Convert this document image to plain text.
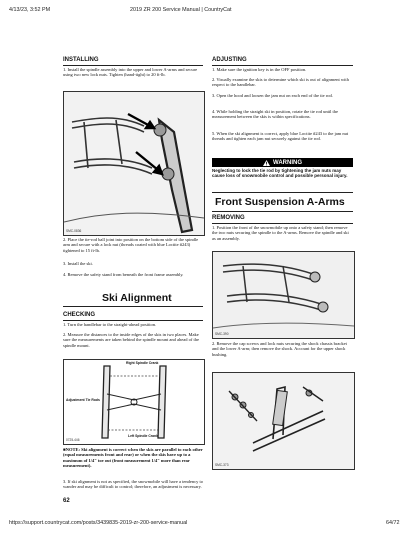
4/13/23, 3:52 PM	2019 ZR 200 Service Manual | CountryCat
https://support.countrycat.com/posts/3439835-2019-zr-200-service-manual	64/72
INSTALLING
1. Install the spindle assembly into the upper and lower A-arms and secure using two new lock nuts. Tighten (hand-tight) to 20 ft-lb.
SMC-0836
2. Place the tie-rod ball joint into position on the bottom side of the spindle arm and secure with a lock nut (threads coated with blue Loctite #243) tightened to 15 ft-lb.
3. Install the ski.
4. Remove the safety stand from beneath the front frame assembly.
Ski Alignment
CHECKING
1. Turn the handlebar to the straight-ahead position.
2. Measure the distances to the inside edges of the skis in two places. Make sure the measurements are taken behind the spindle mount and ahead of the spindle mount.
Right Spindle Crank
Adjustment Tie Rods
Left Spindle Crank
0725-446
■NOTE: Ski alignment is correct when the skis are parallel to each other (equal measurements front and rear) or when the skis have up to a maximum of 1/4" toe out (front measurement 1/4" more than rear measurement).
3. If ski alignment is not as specified, the snowmobile will have a tendency to wander and may be difficult to control; therefore, an adjustment is necessary.
62
ADJUSTING
1. Make sure the ignition key is in the OFF position.
2. Visually examine the skis to determine which ski is out of alignment with respect to the handlebar.
3. Open the hood and loosen the jam nut on each end of the tie rod.
4. While holding the straight ski in position, rotate the tie rod until the measurement between the skis is within specifications.
5. When the ski alignment is correct, apply blue Loctite #243 to the jam nut threads and tighten each jam nut securely against the tie rod.
WARNING
Neglecting to lock the tie rod by tightening the jam nuts may cause loss of snowmobile control and possible personal injury.
Front Suspension A-Arms
REMOVING
1. Position the front of the snowmobile up onto a safety stand; then remove the two nuts securing the spindle to the A-arms. Remove the spindle and ski as an assembly.
SMC-390
2. Remove the cap screws and lock nuts securing the shock chassis bracket and the lower A-arm; then remove the shock. Account for the upper shock bushing.
SMC-373
